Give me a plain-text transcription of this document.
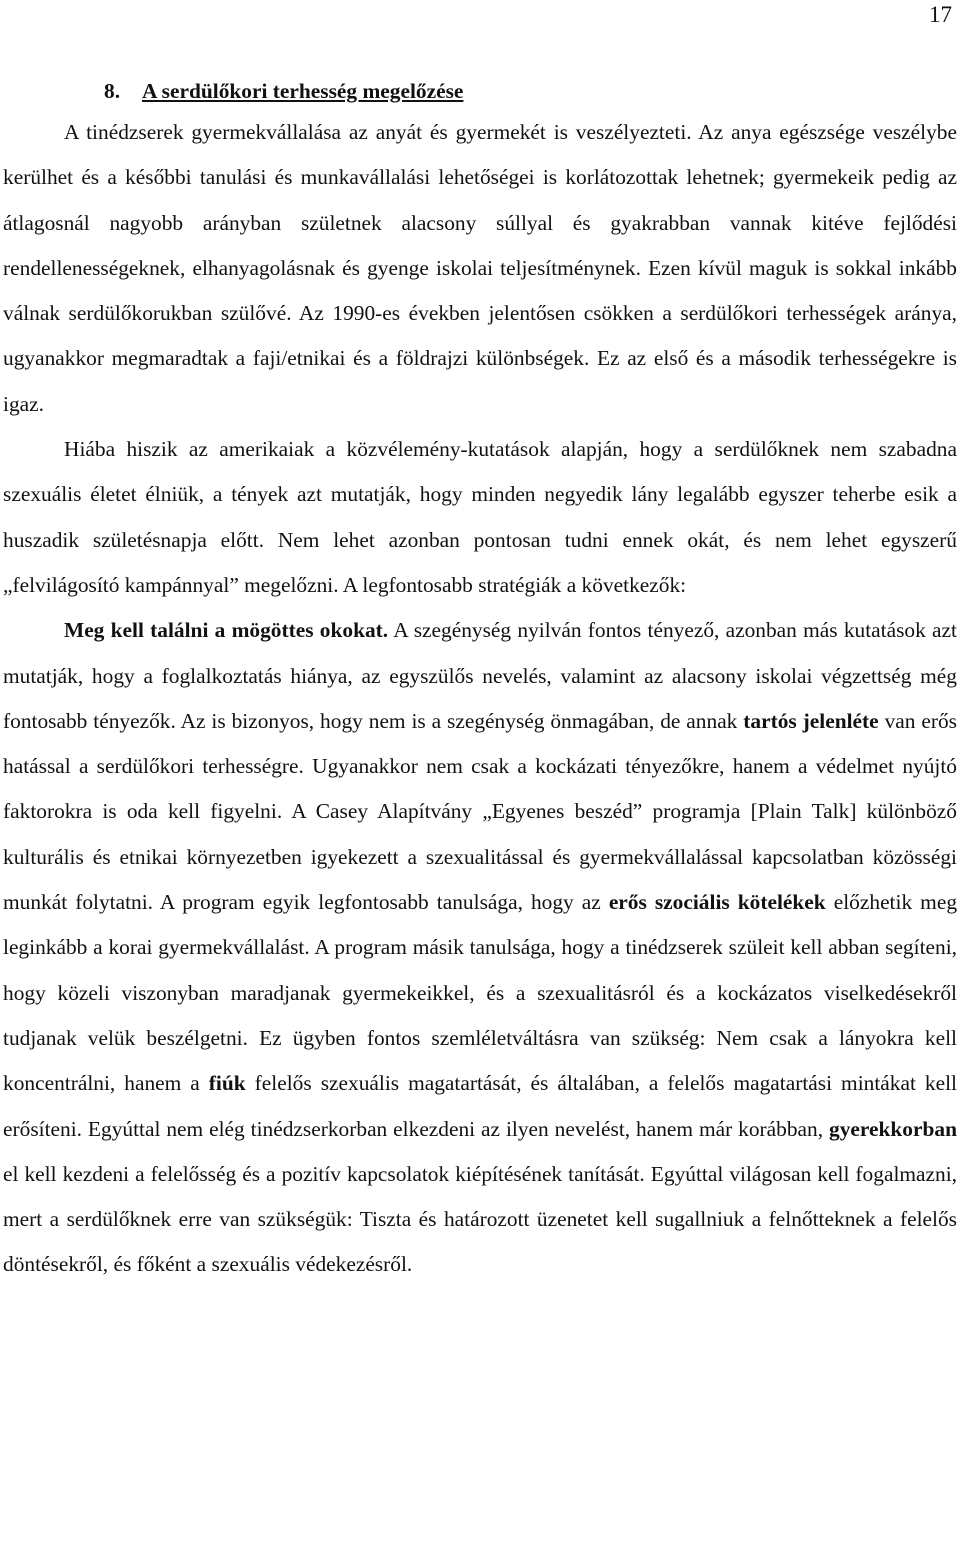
17
8. A serdülőkori terhesség megelőzése

A tinédzserek gyermekvállalása az anyát és gyermekét is veszélyezteti. Az anya egészsége veszélybe kerülhet és a későbbi tanulási és munkavállalási lehetőségei is korlátozottak lehetnek; gyermekeik pedig az átlagosnál nagyobb arányban születnek alacsony súllyal és gyakrabban vannak kitéve fejlődési rendellenességeknek, elhanyagolásnak és gyenge iskolai teljesítménynek. Ezen kívül maguk is sokkal inkább válnak serdülőkorukban szülővé. Az 1990-es években jelentősen csökken a serdülőkori terhességek aránya, ugyanakkor megmaradtak a faji/etnikai és a földrajzi különbségek. Ez az első és a második terhességekre is igaz.

Hiába hiszik az amerikaiak a közvélemény-kutatások alapján, hogy a serdülőknek nem szabadna szexuális életet élniük, a tények azt mutatják, hogy minden negyedik lány legalább egyszer teherbe esik a huszadik születésnapja előtt. Nem lehet azonban pontosan tudni ennek okát, és nem lehet egyszerű „felvilágosító kampánnyal” megelőzni. A legfontosabb stratégiák a következők:

Meg kell találni a mögöttes okokat. A szegénység nyilván fontos tényező, azonban más kutatások azt mutatják, hogy a foglalkoztatás hiánya, az egyszülős nevelés, valamint az alacsony iskolai végzettség még fontosabb tényezők. Az is bizonyos, hogy nem is a szegénység önmagában, de annak tartós jelenléte van erős hatással a serdülőkori terhességre. Ugyanakkor nem csak a kockázati tényezőkre, hanem a védelmet nyújtó faktorokra is oda kell figyelni. A Casey Alapítvány „Egyenes beszéd” programja [Plain Talk] különböző kulturális és etnikai környezetben igyekezett a szexualitással és gyermekvállalással kapcsolatban közösségi munkát folytatni. A program egyik legfontosabb tanulsága, hogy az erős szociális kötelékek előzhetik meg leginkább a korai gyermekvállalást. A program másik tanulsága, hogy a tinédzserek szüleit kell abban segíteni, hogy közeli viszonyban maradjanak gyermekeikkel, és a szexualitásról és a kockázatos viselkedésekről tudjanak velük beszélgetni. Ez ügyben fontos szemléletváltásra van szükség: Nem csak a lányokra kell koncentrálni, hanem a fiúk felelős szexuális magatartását, és általában, a felelős magatartási mintákat kell erősíteni. Egyúttal nem elég tinédzserkorban elkezdeni az ilyen nevelést, hanem már korábban, gyerekkorban el kell kezdeni a felelősség és a pozitív kapcsolatok kiépítésének tanítását. Egyúttal világosan kell fogalmazni, mert a serdülőknek erre van szükségük: Tiszta és határozott üzenetet kell sugallniuk a felnőtteknek a felelős döntésekről, és főként a szexuális védekezésről.
